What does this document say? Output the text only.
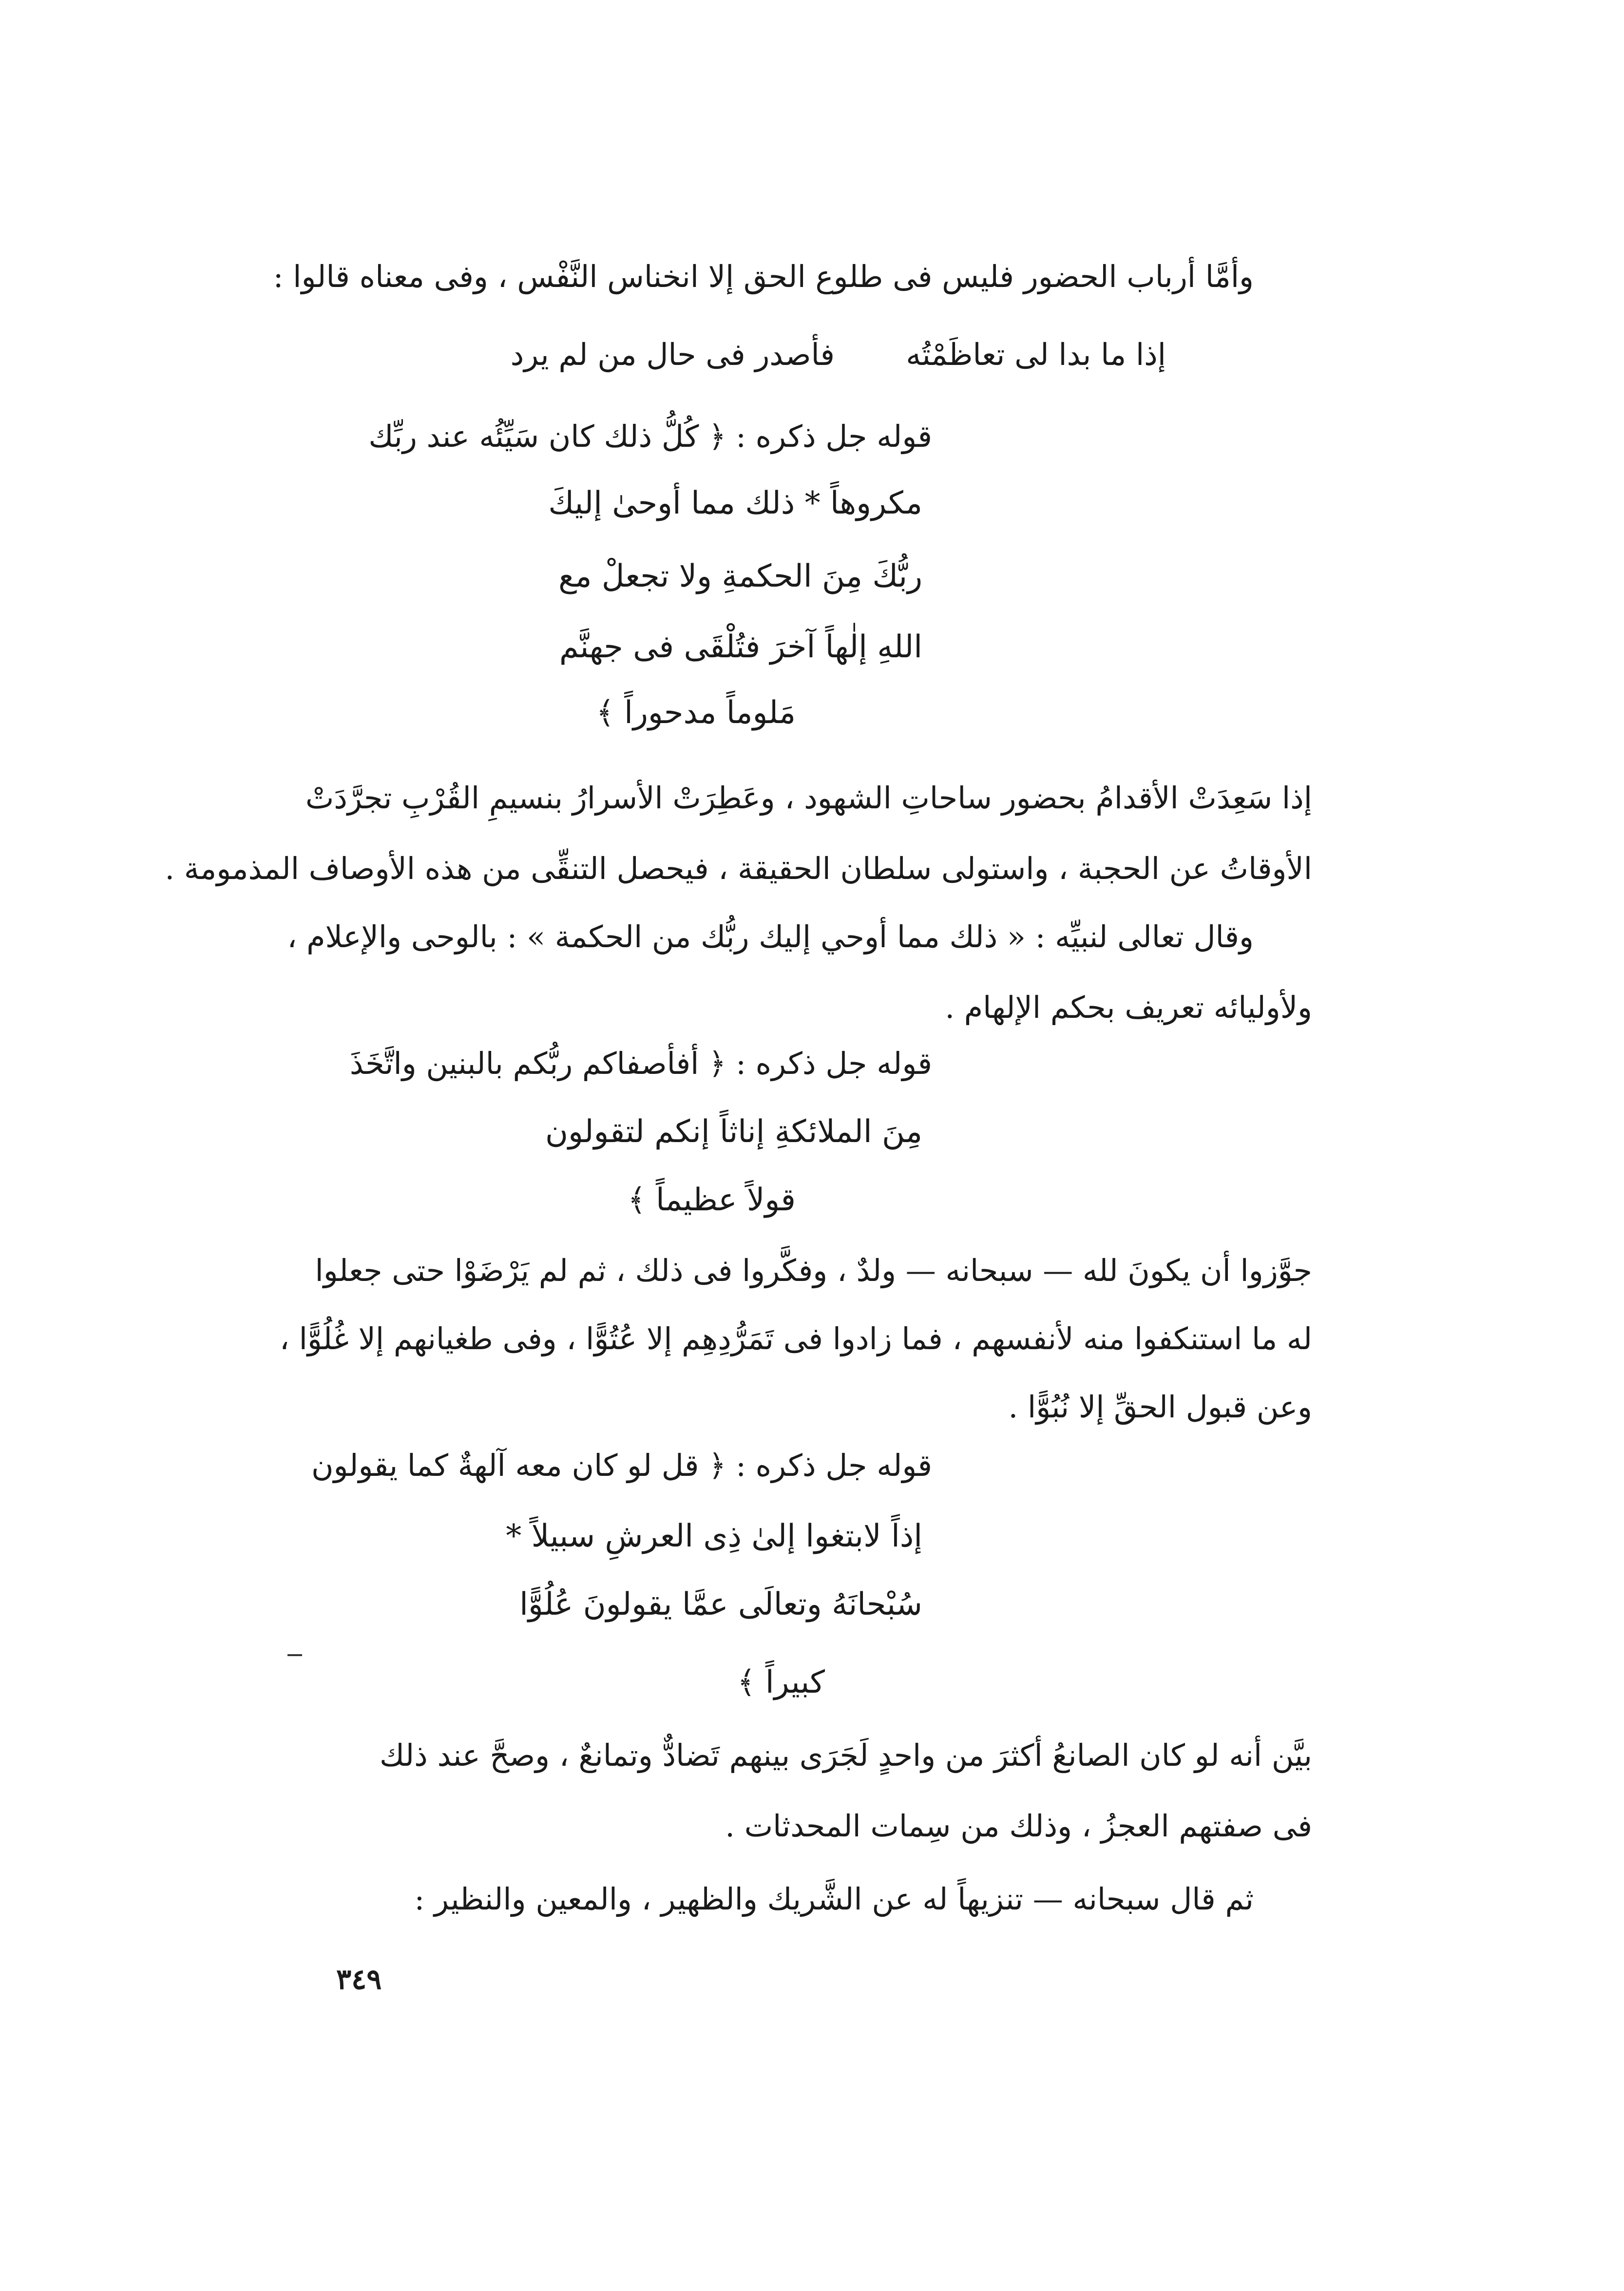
وأمَّا أرباب الحضور فليس فى طلوع الحق إلا انخناس النَّفْس ، وفى معناه قالوا :
إذا ما بدا لى تعاظَمْتُه
فأصدر فى حال من لم يرد
قوله جل ذكره : ﴿ كُلُّ ذلك كان سَيِّئُه عند ربِّك
مكروهاً * ذلك مما أوحىٰ إليكَ
ربُّكَ مِنَ الحكمةِ ولا تجعلْ مع
اللهِ إلٰهاً آخرَ فتُلْقَى فى جهنَّم
مَلوماً مدحوراً ﴾
إذا سَعِدَتْ الأقدامُ بحضور ساحاتِ الشهود ، وعَطِرَتْ الأسرارُ بنسيمِ القُرْبِ تجرَّدَتْ
الأوقاتُ عن الحجبة ، واستولى سلطان الحقيقة ، فيحصل التنقِّى من هذه الأوصاف المذمومة .
وقال تعالى لنبيِّه : « ذلك مما أوحي إليك ربُّك من الحكمة » : بالوحى والإعلام ،
ولأوليائه تعريف بحكم الإلهام .
قوله جل ذكره : ﴿ أفأصفاكم ربُّكم بالبنين واتَّخَذَ
مِنَ الملائكةِ إناثاً إنكم لتقولون
قولاً عظيماً ﴾
جوَّزوا أن يكونَ لله — سبحانه — ولدٌ ، وفكَّروا فى ذلك ، ثم لم يَرْضَوْا حتى جعلوا
له ما استنكفوا منه لأنفسهم ، فما زادوا فى تَمَرُّدِهِم إلا عُتُوًّا ، وفى طغيانهم إلا غُلُوًّا ،
وعن قبول الحقِّ إلا نُبُوًّا .
قوله جل ذكره : ﴿ قل لو كان معه آلهةٌ كما يقولون
إذاً لابتغوا إلىٰ ذِى العرشِ سبيلاً *
سُبْحانَهُ وتعالَى عمَّا يقولونَ عُلُوًّا
كبيراً ﴾
بيَّن أنه لو كان الصانعُ أكثرَ من واحدٍ لَجَرَى بينهم تَضادٌّ وتمانعٌ ، وصحَّ عند ذلك
فى صفتهم العجزُ ، وذلك من سِمات المحدثات .
ثم قال سبحانه — تنزيهاً له عن الشَّريك والظهير ، والمعين والنظير :
٣٤٩
